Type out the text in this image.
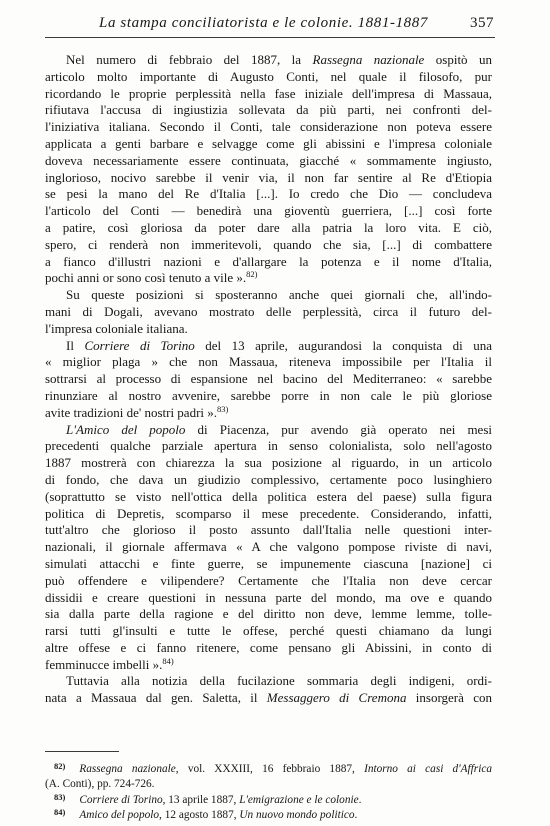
La stampa conciliatorista e le colonie. 1881-1887	357
Nel numero di febbraio del 1887, la Rassegna nazionale ospitò un
articolo molto importante di Augusto Conti, nel quale il filosofo, pur
ricordando le proprie perplessità nella fase iniziale dell'impresa di Massaua,
rifiutava l'accusa di ingiustizia sollevata da più parti, nei confronti del-
l'iniziativa italiana. Secondo il Conti, tale considerazione non poteva essere
applicata a genti barbare e selvagge come gli abissini e l'impresa coloniale
doveva necessariamente essere continuata, giacché « sommamente ingiusto,
inglorioso, nocivo sarebbe il venir via, il non far sentire al Re d'Etiopia
se pesi la mano del Re d'Italia [...]. Io credo che Dio — concludeva
l'articolo del Conti — benedirà una gioventù guerriera, [...] così forte
a patire, così gloriosa da poter dare alla patria la loro vita. E ciò,
spero, ci renderà non immeritevoli, quando che sia, [...] di combattere
a fianco d'illustri nazioni e d'allargare la potenza e il nome d'Italia,
pochi anni or sono così tenuto a vile ».$^{82)}$
Su queste posizioni si sposteranno anche quei giornali che, all'indo-
mani di Dogali, avevano mostrato delle perplessità, circa il futuro del-
l'impresa coloniale italiana.
Il Corriere di Torino del 13 aprile, augurandosi la conquista di una
« miglior plaga » che non Massaua, riteneva impossibile per l'Italia il
sottrarsi al processo di espansione nel bacino del Mediterraneo: « sarebbe
rinunziare al nostro avvenire, sarebbe porre in non cale le più gloriose
avite tradizioni de' nostri padri ».$^{83)}$
L'Amico del popolo di Piacenza, pur avendo già operato nei mesi
precedenti qualche parziale apertura in senso colonialista, solo nell'agosto
1887 mostrerà con chiarezza la sua posizione al riguardo, in un articolo
di fondo, che dava un giudizio complessivo, certamente poco lusinghiero
(soprattutto se visto nell'ottica della politica estera del paese) sulla figura
politica di Depretis, scomparso il mese precedente. Considerando, infatti,
tutt'altro che glorioso il posto assunto dall'Italia nelle questioni inter-
nazionali, il giornale affermava « A che valgono pompose riviste di navi,
simulati attacchi e finte guerre, se impunemente ciascuna [nazione] ci
può offendere e vilipendere? Certamente che l'Italia non deve cercar
dissidii e creare questioni in nessuna parte del mondo, ma ove e quando
sia dalla parte della ragione e del diritto non deve, lemme lemme, tolle-
rarsi tutti gl'insulti e tutte le offese, perché questi chiamano da lungi
altre offese e ci fanno ritenere, come pensano gli Abissini, in conto di
femminucce imbelli ».$^{84)}$
Tuttavia alla notizia della fucilazione sommaria degli indigeni, ordi-
nata a Massaua dal gen. Saletta, il Messaggero di Cremona insorgerà con
$^{82)}$ Rassegna nazionale, vol. XXXIII, 16 febbraio 1887, Intorno ai casi d'Affrica
(A. Conti), pp. 724-726.
$^{83)}$ Corriere di Torino, 13 aprile 1887, L'emigrazione e le colonie.
$^{84)}$ Amico del popolo, 12 agosto 1887, Un nuovo mondo politico.
